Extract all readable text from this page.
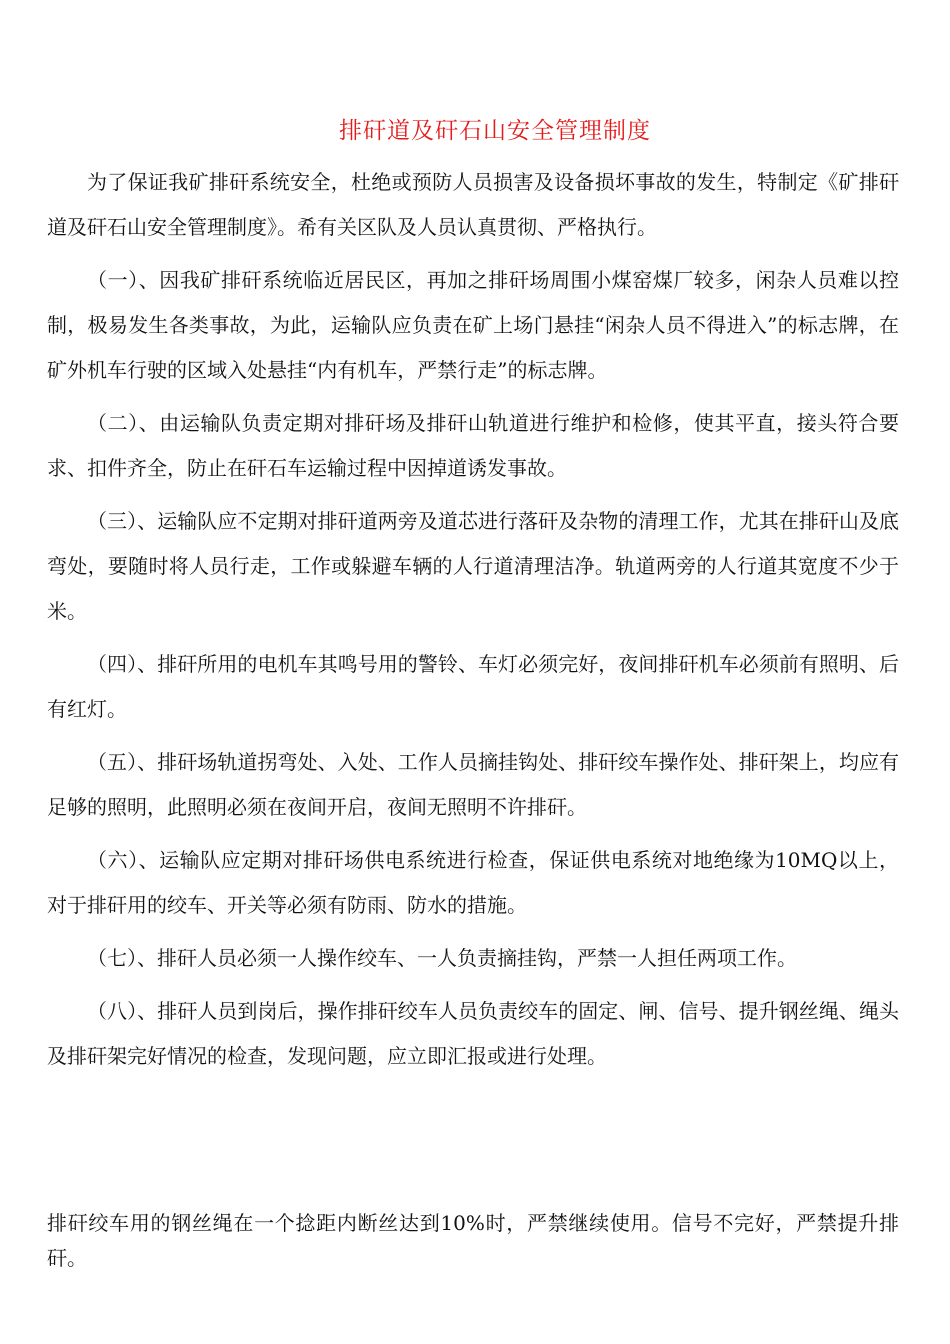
排矸道及矸石山安全管理制度

为了保证我矿排矸系统安全，杜绝或预防人员损害及设备损坏事故的发生，特制定《矿排矸道及矸石山安全管理制度》。希有关区队及人员认真贯彻、严格执行。

（一）、因我矿排矸系统临近居民区，再加之排矸场周围小煤窑煤厂较多，闲杂人员难以控制，极易发生各类事故，为此，运输队应负责在矿上场门悬挂“闲杂人员不得进入”的标志牌，在矿外机车行驶的区域入处悬挂“内有机车，严禁行走”的标志牌。

（二）、由运输队负责定期对排矸场及排矸山轨道进行维护和检修，使其平直，接头符合要求、扣件齐全，防止在矸石车运输过程中因掉道诱发事故。

（三）、运输队应不定期对排矸道两旁及道芯进行落矸及杂物的清理工作，尤其在排矸山及底弯处，要随时将人员行走，工作或躲避车辆的人行道清理洁净。轨道两旁的人行道其宽度不少于 米。

（四）、排矸所用的电机车其鸣号用的警铃、车灯必须完好，夜间排矸机车必须前有照明、后有红灯。

（五）、排矸场轨道拐弯处、入处、工作人员摘挂钩处、排矸绞车操作处、排矸架上，均应有足够的照明，此照明必须在夜间开启，夜间无照明不许排矸。

（六）、运输队应定期对排矸场供电系统进行检查，保证供电系统对地绝缘为10MQ以上，对于排矸用的绞车、开关等必须有防雨、防水的措施。

（七）、排矸人员必须一人操作绞车、一人负责摘挂钩，严禁一人担任两项工作。

（八）、排矸人员到岗后，操作排矸绞车人员负责绞车的固定、闸、信号、提升钢丝绳、绳头及排矸架完好情况的检查，发现问题，应立即汇报或进行处理。

排矸绞车用的钢丝绳在一个捻距内断丝达到10%时，严禁继续使用。信号不完好，严禁提升排矸。
